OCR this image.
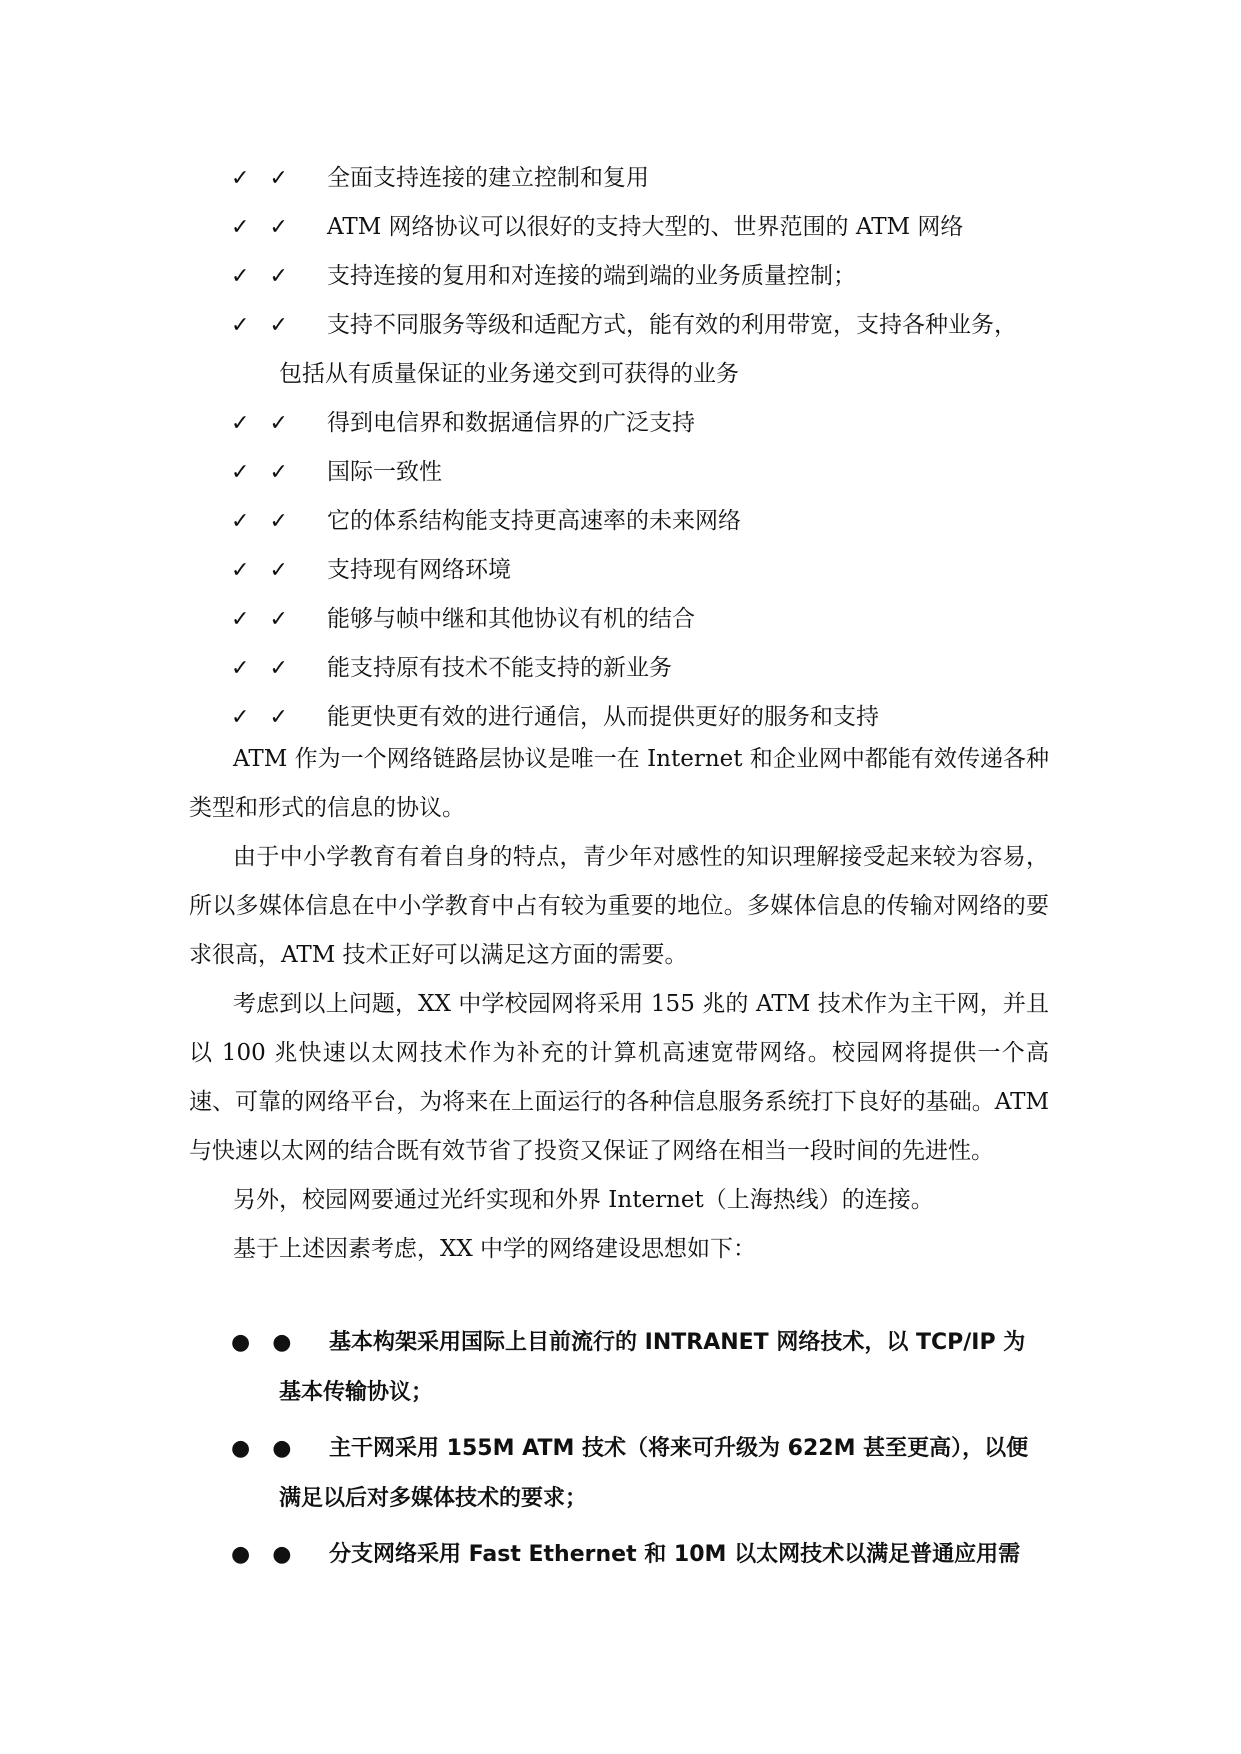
✓ ✓	全面支持连接的建立控制和复用
✓ ✓	ATM 网络协议可以很好的支持大型的、世界范围的 ATM 网络
✓ ✓	支持连接的复用和对连接的端到端的业务质量控制；
✓ ✓	支持不同服务等级和适配方式，能有效的利用带宽，支持各种业务，
包括从有质量保证的业务递交到可获得的业务
✓ ✓	得到电信界和数据通信界的广泛支持
✓ ✓	国际一致性
✓ ✓	它的体系结构能支持更高速率的未来网络
✓ ✓	支持现有网络环境
✓ ✓	能够与帧中继和其他协议有机的结合
✓ ✓	能支持原有技术不能支持的新业务
✓ ✓	能更快更有效的进行通信，从而提供更好的服务和支持

ATM 作为一个网络链路层协议是唯一在 Internet 和企业网中都能有效传递各种类型和形式的信息的协议。

由于中小学教育有着自身的特点，青少年对感性的知识理解接受起来较为容易，所以多媒体信息在中小学教育中占有较为重要的地位。多媒体信息的传输对网络的要求很高，ATM 技术正好可以满足这方面的需要。

考虑到以上问题，XX 中学校园网将采用 155 兆的 ATM 技术作为主干网，并且以 100 兆快速以太网技术作为补充的计算机高速宽带网络。校园网将提供一个高速、可靠的网络平台，为将来在上面运行的各种信息服务系统打下良好的基础。ATM 与快速以太网的结合既有效节省了投资又保证了网络在相当一段时间的先进性。

另外，校园网要通过光纤实现和外界 Internet（上海热线）的连接。

基于上述因素考虑，XX 中学的网络建设思想如下：

● ● 基本构架采用国际上目前流行的 INTRANET 网络技术，以 TCP/IP 为
基本传输协议；
● ● 主干网采用 155M ATM 技术（将来可升级为 622M 甚至更高），以便
满足以后对多媒体技术的要求；
● ● 分支网络采用 Fast Ethernet 和 10M 以太网技术以满足普通应用需
